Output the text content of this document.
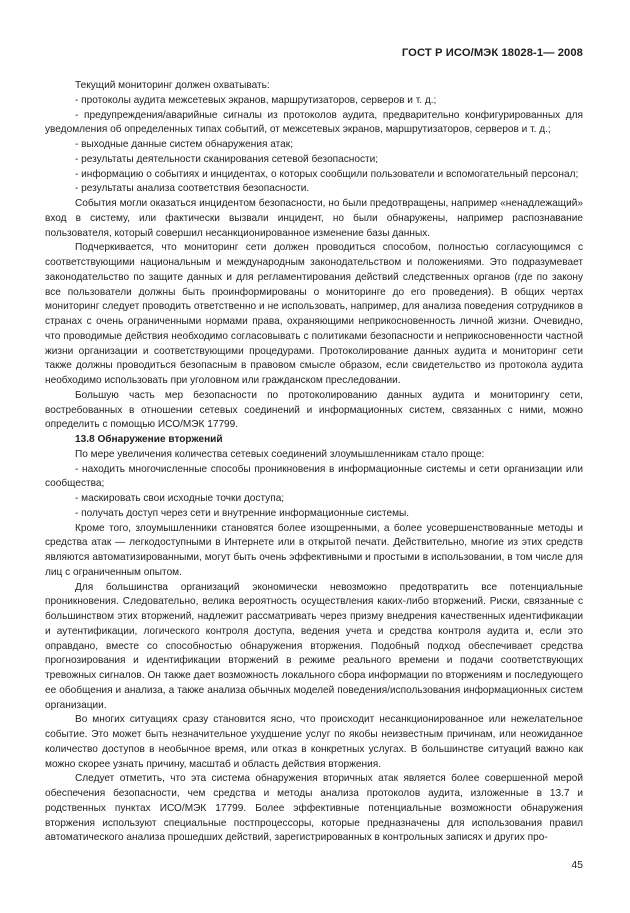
ГОСТ Р ИСО/МЭК 18028-1— 2008

Текущий мониторинг должен охватывать:

- протоколы аудита межсетевых экранов, маршрутизаторов, серверов и т. д.;

- предупреждения/аварийные сигналы из протоколов аудита, предварительно конфигурированных для уведомления об определенных типах событий, от межсетевых экранов, маршрутизаторов, серверов и т. д.;

- выходные данные систем обнаружения атак;

- результаты деятельности сканирования сетевой безопасности;

- информацию о событиях и инцидентах, о которых сообщили пользователи и вспомогательный персонал;

- результаты анализа соответствия безопасности.

События могли оказаться инцидентом безопасности, но были предотвращены, например «ненадлежащий» вход в систему, или фактически вызвали инцидент, но были обнаружены, например распознавание пользователя, который совершил несанкционированное изменение базы данных.

Подчеркивается, что мониторинг сети должен проводиться способом, полностью согласующимся с соответствующими национальным и международным законодательством и положениями. Это подразумевает законодательство по защите данных и для регламентирования действий следственных органов (где по закону все пользователи должны быть проинформированы о мониторинге до его проведения). В общих чертах мониторинг следует проводить ответственно и не использовать, например, для анализа поведения сотрудников в странах с очень ограниченными нормами права, охраняющими неприкосновенность личной жизни. Очевидно, что проводимые действия необходимо согласовывать с политиками безопасности и неприкосновенности частной жизни организации и соответствующими процедурами. Протоколирование данных аудита и мониторинг сети также должны проводиться безопасным в правовом смысле образом, если свидетельство из протокола аудита необходимо использовать при уголовном или гражданском преследовании.

Большую часть мер безопасности по протоколированию данных аудита и мониторингу сети, востребованных в отношении сетевых соединений и информационных систем, связанных с ними, можно определить с помощью ИСО/МЭК 17799.

13.8 Обнаружение вторжений

По мере увеличения количества сетевых соединений злоумышленникам стало проще:

- находить многочисленные способы проникновения в информационные системы и сети организации или сообщества;

- маскировать свои исходные точки доступа;

- получать доступ через сети и внутренние информационные системы.

Кроме того, злоумышленники становятся более изощренными, а более усовершенствованные методы и средства атак — легкодоступными в Интернете или в открытой печати. Действительно, многие из этих средств являются автоматизированными, могут быть очень эффективными и простыми в использовании, в том числе для лиц с ограниченным опытом.

Для большинства организаций экономически невозможно предотвратить все потенциальные проникновения. Следовательно, велика вероятность осуществления каких-либо вторжений. Риски, связанные с большинством этих вторжений, надлежит рассматривать через призму внедрения качественных идентификации и аутентификации, логического контроля доступа, ведения учета и средства контроля аудита и, если это оправдано, вместе со способностью обнаружения вторжения. Подобный подход обеспечивает средства прогнозирования и идентификации вторжений в режиме реального времени и подачи соответствующих тревожных сигналов. Он также дает возможность локального сбора информации по вторжениям и последующего ее обобщения и анализа, а также анализа обычных моделей поведения/использования информационных систем организации.

Во многих ситуациях сразу становится ясно, что происходит несанкционированное или нежелательное событие. Это может быть незначительное ухудшение услуг по якобы неизвестным причинам, или неожиданное количество доступов в необычное время, или отказ в конкретных услугах. В большинстве ситуаций важно как можно скорее узнать причину, масштаб и область действия вторжения.

Следует отметить, что эта система обнаружения вторичных атак является более совершенной мерой обеспечения безопасности, чем средства и методы анализа протоколов аудита, изложенные в 13.7 и родственных пунктах ИСО/МЭК 17799. Более эффективные потенциальные возможности обнаружения вторжения используют специальные постпроцессоры, которые предназначены для использования правил автоматического анализа прошедших действий, зарегистрированных в контрольных записях и других про-

45
